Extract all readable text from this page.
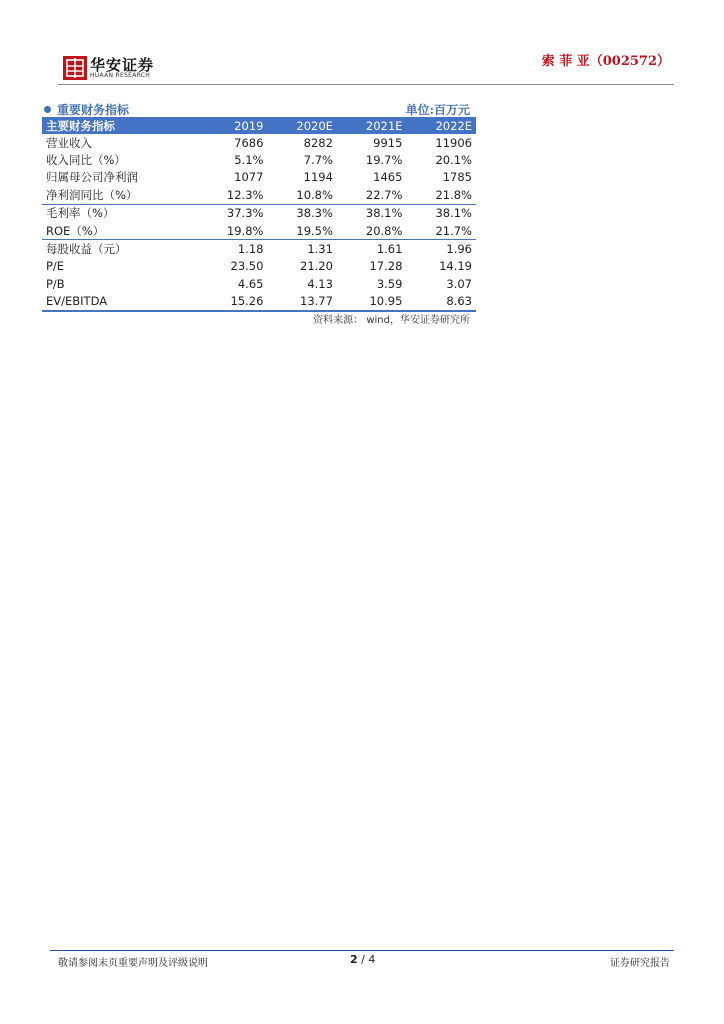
华安证券
HUAAN RESEARCH
索 菲 亚（002572）
重要财务指标	单位:百万元
主要财务指标	2019	2020E	2021E	2022E
营业收入	7686	8282	9915	11906
收入同比（%）	5.1%	7.7%	19.7%	20.1%
归属母公司净利润	1077	1194	1465	1785
净利润同比（%）	12.3%	10.8%	22.7%	21.8%
毛利率（%）	37.3%	38.3%	38.1%	38.1%
ROE（%）	19.8%	19.5%	20.8%	21.7%
每股收益（元）	1.18	1.31	1.61	1.96
P/E	23.50	21.20	17.28	14.19
P/B	4.65	4.13	3.59	3.07
EV/EBITDA	15.26	13.77	10.95	8.63
资料来源： wind，华安证券研究所
敬请参阅末页重要声明及评级说明	2 / 4	证券研究报告
